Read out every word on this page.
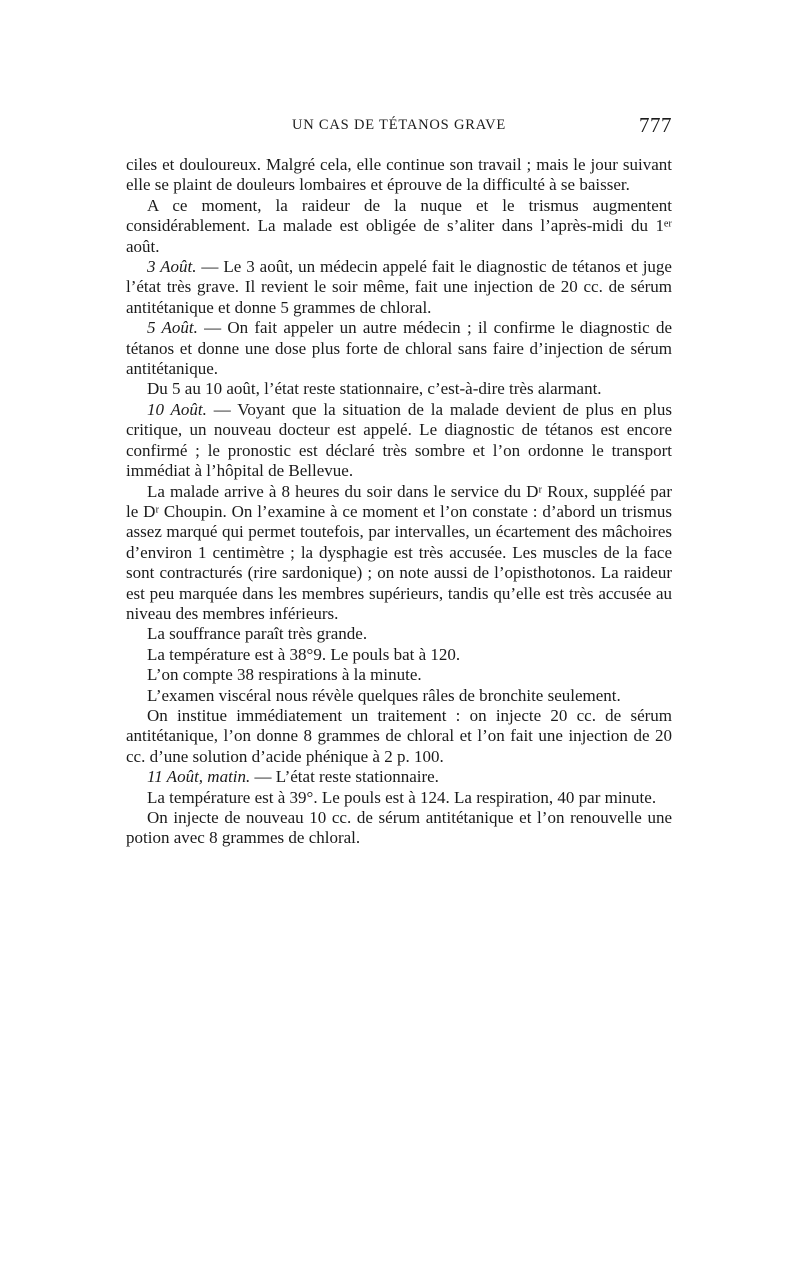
UN CAS DE TÉTANOS GRAVE	777

ciles et douloureux. Malgré cela, elle continue son travail ; mais le jour suivant elle se plaint de douleurs lombaires et éprouve de la difficulté à se baisser.

A ce moment, la raideur de la nuque et le trismus augmentent considérablement. La malade est obligée de s’aliter dans l’après-midi du 1ᵉʳ août.

3 Août. — Le 3 août, un médecin appelé fait le diagnostic de tétanos et juge l’état très grave. Il revient le soir même, fait une injection de 20 cc. de sérum antitétanique et donne 5 grammes de chloral.

5 Août. — On fait appeler un autre médecin ; il confirme le diagnostic de tétanos et donne une dose plus forte de chloral sans faire d’injection de sérum antitétanique.

Du 5 au 10 août, l’état reste stationnaire, c’est-à-dire très alarmant.

10 Août. — Voyant que la situation de la malade devient de plus en plus critique, un nouveau docteur est appelé. Le diagnostic de tétanos est encore confirmé ; le pronostic est déclaré très sombre et l’on ordonne le transport immédiat à l’hôpital de Bellevue.

La malade arrive à 8 heures du soir dans le service du Dʳ Roux, suppléé par le Dʳ Choupin. On l’examine à ce moment et l’on constate : d’abord un trismus assez marqué qui permet toutefois, par intervalles, un écartement des mâchoires d’environ 1 centimètre ; la dysphagie est très accusée. Les muscles de la face sont contracturés (rire sardonique) ; on note aussi de l’opisthotonos. La raideur est peu marquée dans les membres supérieurs, tandis qu’elle est très accusée au niveau des membres inférieurs.

La souffrance paraît très grande.

La température est à 38°9. Le pouls bat à 120.

L’on compte 38 respirations à la minute.

L’examen viscéral nous révèle quelques râles de bronchite seulement.

On institue immédiatement un traitement : on injecte 20 cc. de sérum antitétanique, l’on donne 8 grammes de chloral et l’on fait une injection de 20 cc. d’une solution d’acide phénique à 2 p. 100.

11 Août, matin. — L’état reste stationnaire.

La température est à 39°. Le pouls est à 124. La respiration, 40 par minute.

On injecte de nouveau 10 cc. de sérum antitétanique et l’on renouvelle une potion avec 8 grammes de chloral.
